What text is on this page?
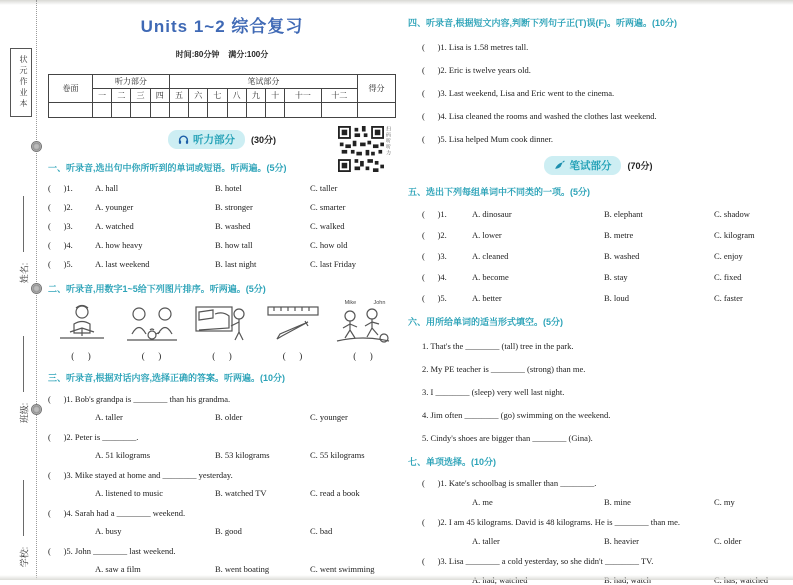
状元作业本
姓名:
班级:
学校:
Units 1~2 综合复习
时间:80分钟    满分:100分
卷面	听力部分				笔试部分								得分
	一	二	三	四	五	六	七	八	九	十	十一	十二	

听力部分 (30分)	扫码听听力
一、听录音,选出句中你所听到的单词或短语。听两遍。(5分)
(      )1.	A. hall	B. hotel	C. taller
(      )2.	A. younger	B. stronger	C. smarter
(      )3.	A. watched	B. washed	C. walked
(      )4.	A. how heavy	B. how tall	C. how old
(      )5.	A. last weekend	B. last night	C. last Friday
二、听录音,用数字1~5给下列图片排序。听两遍。(5分)
Mike	John
(      )	(      )	(      )	(      )	(      )
三、听录音,根据对话内容,选择正确的答案。听两遍。(10分)
(      )1. Bob's grandpa is ________ than his grandma.
A. taller	B. older	C. younger
(      )2. Peter is ________.
A. 51 kilograms	B. 53 kilograms	C. 55 kilograms
(      )3. Mike stayed at home and ________ yesterday.
A. listened to music	B. watched TV	C. read a book
(      )4. Sarah had a ________ weekend.
A. busy	B. good	C. bad
(      )5. John ________ last weekend.
A. saw a film	B. went boating	C. went swimming
四、听录音,根据短文内容,判断下列句子正(T)误(F)。听两遍。(10分)
(      )1. Lisa is 1.58 metres tall.
(      )2. Eric is twelve years old.
(      )3. Last weekend, Lisa and Eric went to the cinema.
(      )4. Lisa cleaned the rooms and washed the clothes last weekend.
(      )5. Lisa helped Mum cook dinner.
笔试部分 (70分)
五、选出下列每组单词中不同类的一项。(5分)
(      )1.	A. dinosaur	B. elephant	C. shadow
(      )2.	A. lower	B. metre	C. kilogram
(      )3.	A. cleaned	B. washed	C. enjoy
(      )4.	A. become	B. stay	C. fixed
(      )5.	A. better	B. loud	C. faster
六、用所给单词的适当形式填空。(5分)
1. That's the ________ (tall) tree in the park.
2. My PE teacher is ________ (strong) than me.
3. I ________ (sleep) very well last night.
4. Jim often ________ (go) swimming on the weekend.
5. Cindy's shoes are bigger than ________ (Gina).
七、单项选择。(10分)
(      )1. Kate's schoolbag is smaller than ________.
A. me	B. mine	C. my
(      )2. I am 45 kilograms. David is 48 kilograms. He is ________ than me.
A. taller	B. heavier	C. older
(      )3. Lisa ________ a cold yesterday, so she didn't ________ TV.
A. had; watched	B. had; watch	C. has; watched
